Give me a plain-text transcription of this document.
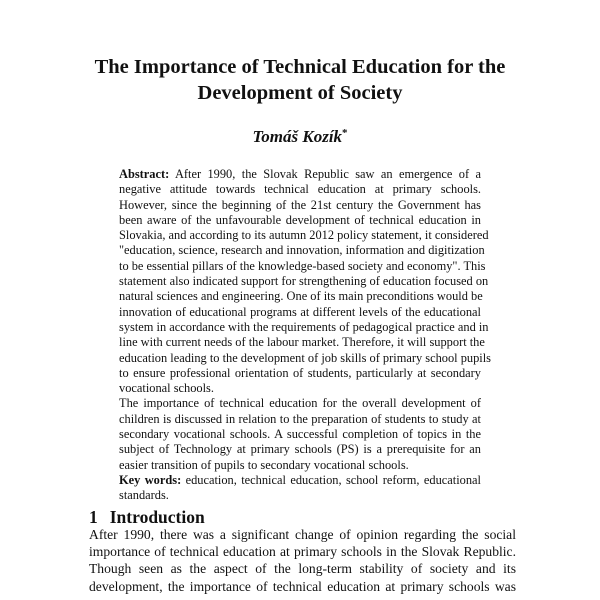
The Importance of Technical Education for the
Development of Society
Tomáš Kozík*
Abstract: After 1990, the Slovak Republic saw an emergence of a
negative attitude towards technical education at primary schools.
However, since the beginning of the 21st century the Government has
been aware of the unfavourable development of technical education in
Slovakia, and according to its autumn 2012 policy statement, it considered
"education, science, research and innovation, information and digitization
to be essential pillars of the knowledge-based society and economy". This
statement also indicated support for strengthening of education focused on
natural sciences and engineering. One of its main preconditions would be
innovation of educational programs at different levels of the educational
system in accordance with the requirements of pedagogical practice and in
line with current needs of the labour market. Therefore, it will support the
education leading to the development of job skills of primary school pupils
to ensure professional orientation of students, particularly at secondary
vocational schools.
The importance of technical education for the overall development of
children is discussed in relation to the preparation of students to study at
secondary vocational schools. A successful completion of topics in the
subject of Technology at primary schools (PS) is a prerequisite for an
easier transition of pupils to secondary vocational schools.
Key words: education, technical education, school reform, educational
standards.
1 Introduction
After 1990, there was a significant change of opinion regarding the social
importance of technical education at primary schools in the Slovak Republic.
Though seen as the aspect of the long-term stability of society and its
development, the importance of technical education at primary schools was
